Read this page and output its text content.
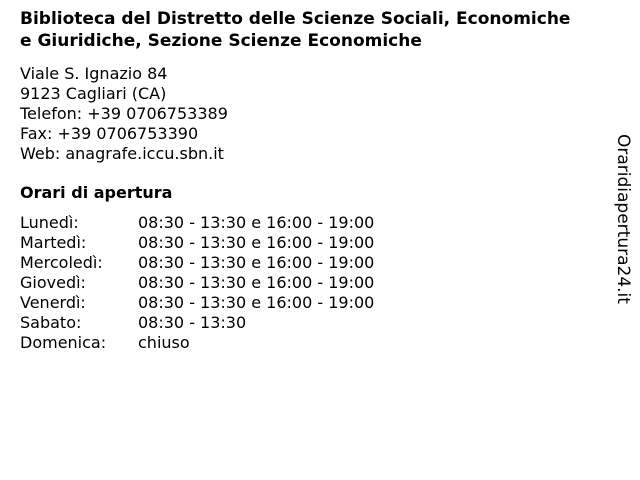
Biblioteca del Distretto delle Scienze Sociali, Economiche e Giuridiche, Sezione Scienze Economiche
Viale S. Ignazio 84
9123 Cagliari (CA)
Telefon: +39 0706753389
Fax: +39 0706753390
Web: anagrafe.iccu.sbn.it
Orari di apertura
Lunedì:	08:30 - 13:30 e 16:00 - 19:00
Martedì:	08:30 - 13:30 e 16:00 - 19:00
Mercoledì:	08:30 - 13:30 e 16:00 - 19:00
Giovedì:	08:30 - 13:30 e 16:00 - 19:00
Venerdì:	08:30 - 13:30 e 16:00 - 19:00
Sabato:	08:30 - 13:30
Domenica:	chiuso
Oraridiapertura24.it
